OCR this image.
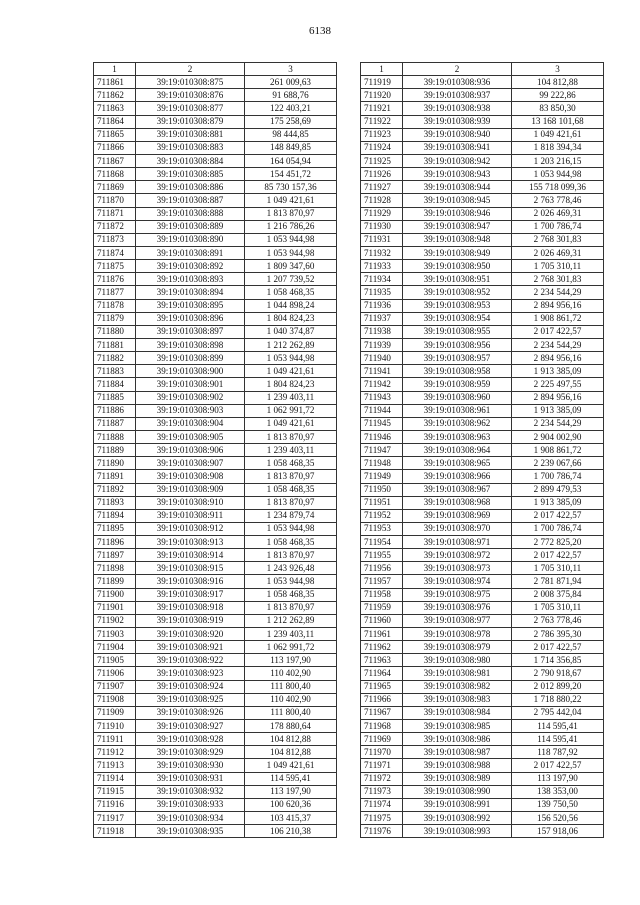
6138
1	2	3
711861	39:19:010308:875	261 009,63
711862	39:19:010308:876	91 688,76
711863	39:19:010308:877	122 403,21
711864	39:19:010308:879	175 258,69
711865	39:19:010308:881	98 444,85
711866	39:19:010308:883	148 849,85
711867	39:19:010308:884	164 054,94
711868	39:19:010308:885	154 451,72
711869	39:19:010308:886	85 730 157,36
711870	39:19:010308:887	1 049 421,61
711871	39:19:010308:888	1 813 870,97
711872	39:19:010308:889	1 216 786,26
711873	39:19:010308:890	1 053 944,98
711874	39:19:010308:891	1 053 944,98
711875	39:19:010308:892	1 809 347,60
711876	39:19:010308:893	1 207 739,52
711877	39:19:010308:894	1 058 468,35
711878	39:19:010308:895	1 044 898,24
711879	39:19:010308:896	1 804 824,23
711880	39:19:010308:897	1 040 374,87
711881	39:19:010308:898	1 212 262,89
711882	39:19:010308:899	1 053 944,98
711883	39:19:010308:900	1 049 421,61
711884	39:19:010308:901	1 804 824,23
711885	39:19:010308:902	1 239 403,11
711886	39:19:010308:903	1 062 991,72
711887	39:19:010308:904	1 049 421,61
711888	39:19:010308:905	1 813 870,97
711889	39:19:010308:906	1 239 403,11
711890	39:19:010308:907	1 058 468,35
711891	39:19:010308:908	1 813 870,97
711892	39:19:010308:909	1 058 468,35
711893	39:19:010308:910	1 813 870,97
711894	39:19:010308:911	1 234 879,74
711895	39:19:010308:912	1 053 944,98
711896	39:19:010308:913	1 058 468,35
711897	39:19:010308:914	1 813 870,97
711898	39:19:010308:915	1 243 926,48
711899	39:19:010308:916	1 053 944,98
711900	39:19:010308:917	1 058 468,35
711901	39:19:010308:918	1 813 870,97
711902	39:19:010308:919	1 212 262,89
711903	39:19:010308:920	1 239 403,11
711904	39:19:010308:921	1 062 991,72
711905	39:19:010308:922	113 197,90
711906	39:19:010308:923	110 402,90
711907	39:19:010308:924	111 800,40
711908	39:19:010308:925	110 402,90
711909	39:19:010308:926	111 800,40
711910	39:19:010308:927	178 880,64
711911	39:19:010308:928	104 812,88
711912	39:19:010308:929	104 812,88
711913	39:19:010308:930	1 049 421,61
711914	39:19:010308:931	114 595,41
711915	39:19:010308:932	113 197,90
711916	39:19:010308:933	100 620,36
711917	39:19:010308:934	103 415,37
711918	39:19:010308:935	106 210,38
1	2	3
711919	39:19:010308:936	104 812,88
711920	39:19:010308:937	99 222,86
711921	39:19:010308:938	83 850,30
711922	39:19:010308:939	13 168 101,68
711923	39:19:010308:940	1 049 421,61
711924	39:19:010308:941	1 818 394,34
711925	39:19:010308:942	1 203 216,15
711926	39:19:010308:943	1 053 944,98
711927	39:19:010308:944	155 718 099,36
711928	39:19:010308:945	2 763 778,46
711929	39:19:010308:946	2 026 469,31
711930	39:19:010308:947	1 700 786,74
711931	39:19:010308:948	2 768 301,83
711932	39:19:010308:949	2 026 469,31
711933	39:19:010308:950	1 705 310,11
711934	39:19:010308:951	2 768 301,83
711935	39:19:010308:952	2 234 544,29
711936	39:19:010308:953	2 894 956,16
711937	39:19:010308:954	1 908 861,72
711938	39:19:010308:955	2 017 422,57
711939	39:19:010308:956	2 234 544,29
711940	39:19:010308:957	2 894 956,16
711941	39:19:010308:958	1 913 385,09
711942	39:19:010308:959	2 225 497,55
711943	39:19:010308:960	2 894 956,16
711944	39:19:010308:961	1 913 385,09
711945	39:19:010308:962	2 234 544,29
711946	39:19:010308:963	2 904 002,90
711947	39:19:010308:964	1 908 861,72
711948	39:19:010308:965	2 239 067,66
711949	39:19:010308:966	1 700 786,74
711950	39:19:010308:967	2 899 479,53
711951	39:19:010308:968	1 913 385,09
711952	39:19:010308:969	2 017 422,57
711953	39:19:010308:970	1 700 786,74
711954	39:19:010308:971	2 772 825,20
711955	39:19:010308:972	2 017 422,57
711956	39:19:010308:973	1 705 310,11
711957	39:19:010308:974	2 781 871,94
711958	39:19:010308:975	2 008 375,84
711959	39:19:010308:976	1 705 310,11
711960	39:19:010308:977	2 763 778,46
711961	39:19:010308:978	2 786 395,30
711962	39:19:010308:979	2 017 422,57
711963	39:19:010308:980	1 714 356,85
711964	39:19:010308:981	2 790 918,67
711965	39:19:010308:982	2 012 899,20
711966	39:19:010308:983	1 718 880,22
711967	39:19:010308:984	2 795 442,04
711968	39:19:010308:985	114 595,41
711969	39:19:010308:986	114 595,41
711970	39:19:010308:987	118 787,92
711971	39:19:010308:988	2 017 422,57
711972	39:19:010308:989	113 197,90
711973	39:19:010308:990	138 353,00
711974	39:19:010308:991	139 750,50
711975	39:19:010308:992	156 520,56
711976	39:19:010308:993	157 918,06
